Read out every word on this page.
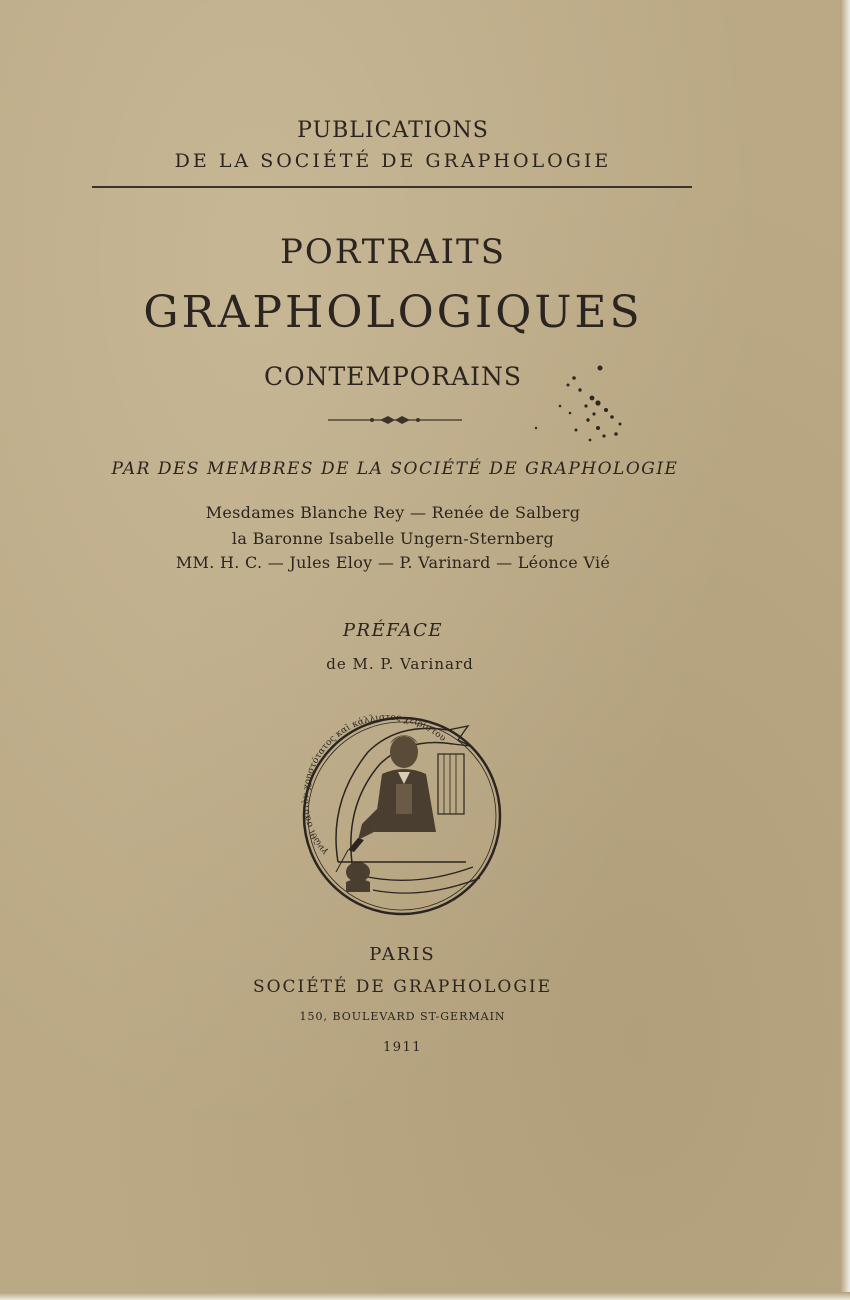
PUBLICATIONS
DE LA SOCIÉTÉ DE GRAPHOLOGIE
PORTRAITS
GRAPHOLOGIQUES
CONTEMPORAINS
PAR DES MEMBRES DE LA SOCIÉTÉ DE GRAPHOLOGIE
Mesdames Blanche Rey — Renée de Salberg
la Baronne Isabelle Ungern-Sternberg
MM. H. C. — Jules Eloy — P. Varinard — Léonce Vié
PRÉFACE
de M. P. Varinard
γνῶθι σαυτὸν χρηστότατος καὶ κάλλιστος χειρίστου
PARIS
SOCIÉTÉ DE GRAPHOLOGIE
150, BOULEVARD ST-GERMAIN
1911
